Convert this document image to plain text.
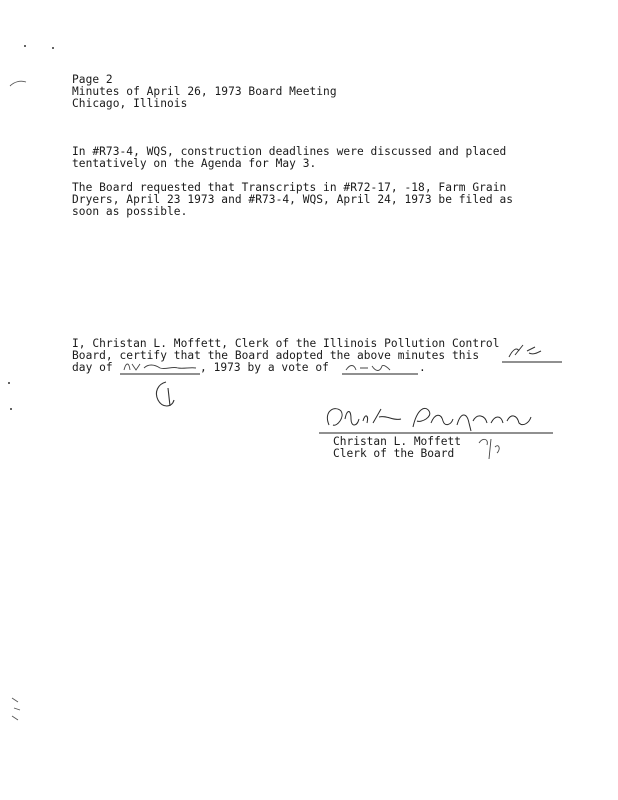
Page 2

Minutes of April 26, 1973 Board Meeting

Chicago, Illinois

In #R73-4, WQS, construction deadlines were discussed and placed

tentatively on the Agenda for May 3.

The Board requested that Transcripts in #R72-17, -18, Farm Grain

Dryers, April 23 1973 and #R73-4, WQS, April 24, 1973 be filed as

soon as possible.

I, Christan L. Moffett, Clerk of the Illinois Pollution Control

Board, certify that the Board adopted the above minutes this

day of	, 1973 by a vote of	.

Christan L. Moffett

Clerk of the Board
